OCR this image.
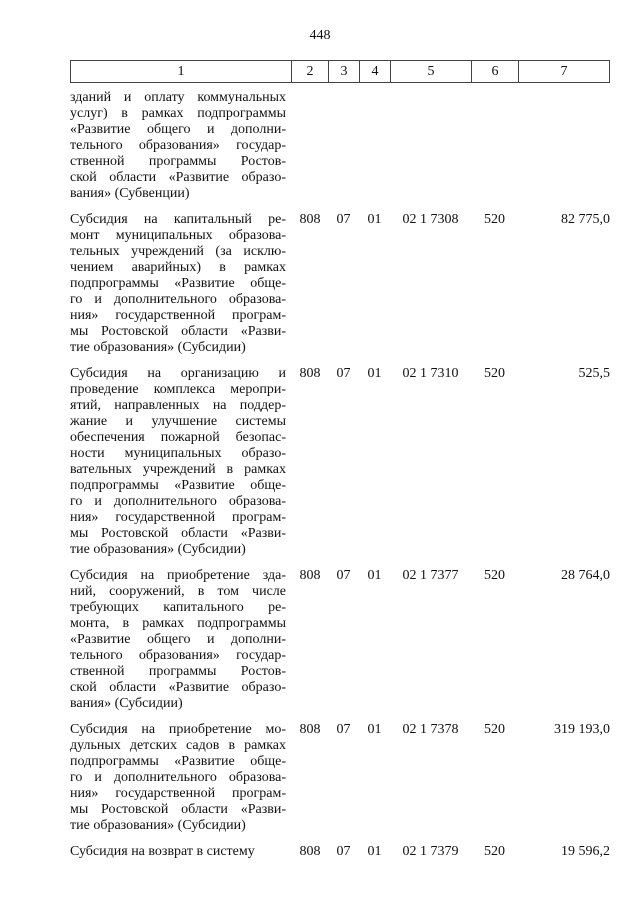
448
1	2	3	4	5	6	7
зданий и оплату коммунальных
услуг) в рамках подпрограммы
«Развитие общего и дополни-
тельного образования» государ-
ственной программы Ростов-
ской области «Развитие образо-
вания» (Субвенции)
Субсидия на капитальный ре-
монт муниципальных образова-
тельных учреждений (за исклю-
чением аварийных) в рамках
подпрограммы «Развитие обще-
го и дополнительного образова-
ния» государственной програм-
мы Ростовской области «Разви-
тие образования» (Субсидии)
808	07	01	02 1 7308	520	82 775,0
Субсидия на организацию и
проведение комплекса меропри-
ятий, направленных на поддер-
жание и улучшение системы
обеспечения пожарной безопас-
ности муниципальных образо-
вательных учреждений в рамках
подпрограммы «Развитие обще-
го и дополнительного образова-
ния» государственной програм-
мы Ростовской области «Разви-
тие образования» (Субсидии)
808	07	01	02 1 7310	520	525,5
Субсидия на приобретение зда-
ний, сооружений, в том числе
требующих капитального ре-
монта, в рамках подпрограммы
«Развитие общего и дополни-
тельного образования» государ-
ственной программы Ростов-
ской области «Развитие образо-
вания» (Субсидии)
808	07	01	02 1 7377	520	28 764,0
Субсидия на приобретение мо-
дульных детских садов в рамках
подпрограммы «Развитие обще-
го и дополнительного образова-
ния» государственной програм-
мы Ростовской области «Разви-
тие образования» (Субсидии)
808	07	01	02 1 7378	520	319 193,0
Субсидия на возврат в систему	808	07	01	02 1 7379	520	19 596,2
